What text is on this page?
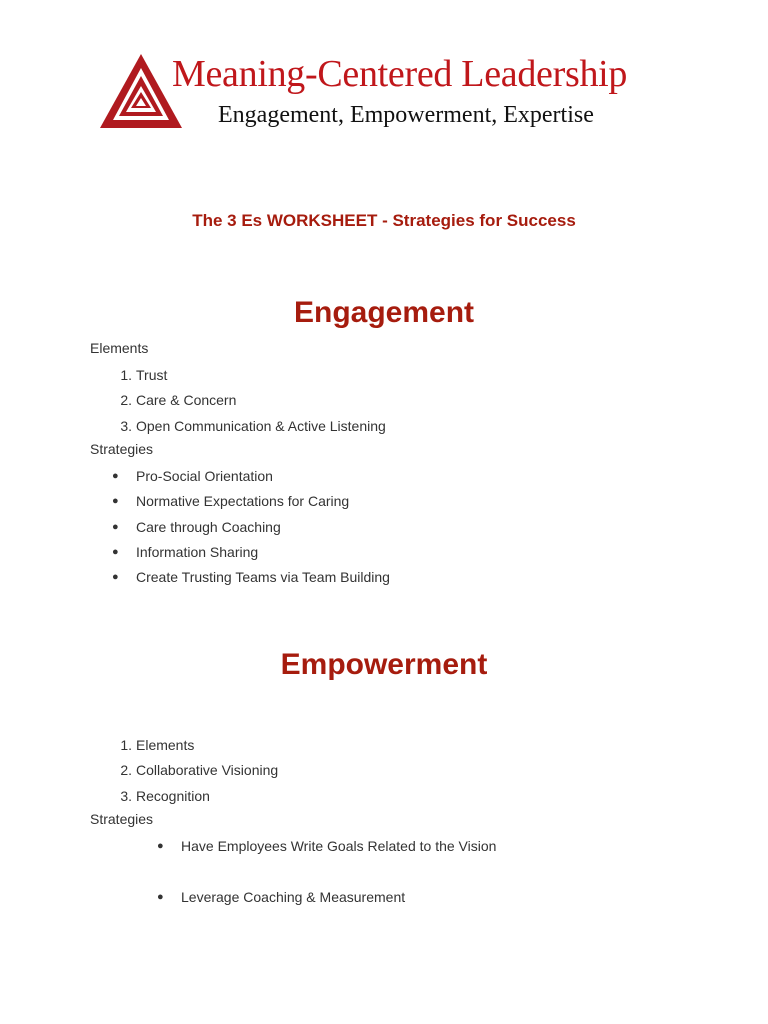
Meaning-Centered Leadership
Engagement, Empowerment, Expertise
The 3 Es WORKSHEET - Strategies for Success
Engagement
Elements
1. Trust
2. Care & Concern
3. Open Communication & Active Listening
Strategies
● Pro-Social Orientation
● Normative Expectations for Caring
● Care through Coaching
● Information Sharing
● Create Trusting Teams via Team Building
Empowerment
1. Elements
2. Collaborative Visioning
3. Recognition
Strategies
● Have Employees Write Goals Related to the Vision
● Leverage Coaching & Measurement
